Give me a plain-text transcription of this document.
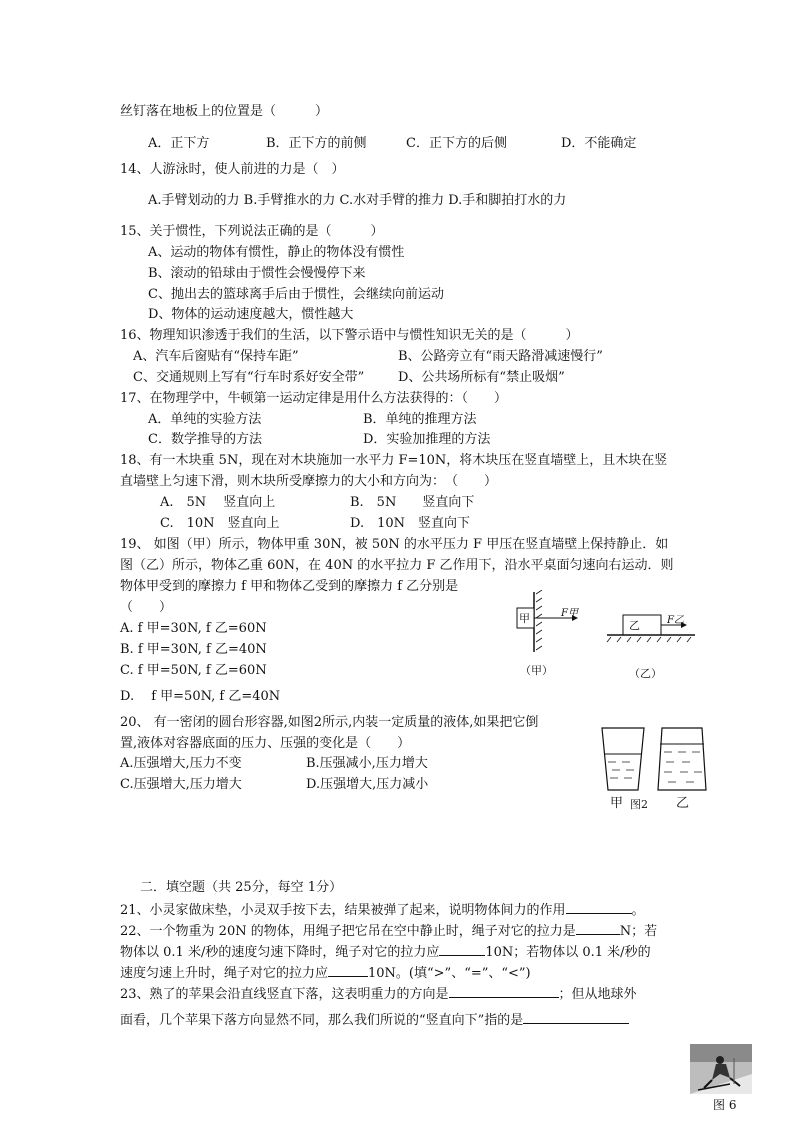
丝钉落在地板上的位置是（　　　）
A．正下方	B．正下方的前侧	C．正下方的后侧	D．不能确定
14、人游泳时，使人前进的力是（　）
A.手臂划动的力 B.手臂推水的力 C.水对手臂的推力 D.手和脚拍打水的力
15、关于惯性，下列说法正确的是（　　　）
A、运动的物体有惯性，静止的物体没有惯性
B、滚动的铅球由于惯性会慢慢停下来
C、抛出去的篮球离手后由于惯性，会继续向前运动
D、物体的运动速度越大，惯性越大
16、物理知识渗透于我们的生活，以下警示语中与惯性知识无关的是（　　　）
A、汽车后窗贴有“保持车距”	B、公路旁立有“雨天路滑减速慢行”
C、交通规则上写有“行车时系好安全带”	D、公共场所标有“禁止吸烟”
17、在物理学中，牛顿第一运动定律是用什么方法获得的：（　　）
A．单纯的实验方法	B．单纯的推理方法
C．数学推导的方法	D．实验加推理的方法
18、有一木块重 5N，现在对木块施加一水平力 F=10N，将木块压在竖直墙壁上，且木块在竖
直墙壁上匀速下滑，则木块所受摩擦力的大小和方向为：　（　　）
A.　5N　 竖直向上	B.　5N　　竖直向下
C.　10N　竖直向上	D.　10N　竖直向下
19、 如图（甲）所示，物体甲重 30N，被 50N 的水平压力 F 甲压在竖直墙壁上保持静止．如
图（乙）所示，物体乙重 60N，在 40N 的水平拉力 F 乙作用下，沿水平桌面匀速向右运动．则
物体甲受到的摩擦力 f 甲和物体乙受到的摩擦力 f 乙分别是
（　　）
A. f 甲=30N, f 乙=60N
B. f 甲=30N, f 乙=40N
C. f 甲=50N, f 乙=60N
D.　 f 甲=50N, f 乙=40N
甲	F甲
（甲）
乙	F乙
（乙）
20、 有一密闭的圆台形容器,如图2所示,内装一定质量的液体,如果把它倒
置,液体对容器底面的压力、压强的变化是（　　）
A.压强增大,压力不变	B.压强减小,压力增大
C.压强增大,压力增大	D.压强增大,压力减小
甲 图2 乙
二．填空题（共 25分，每空 1分）
21、小灵家做床垫，小灵双手按下去，结果被弹了起来，说明物体间力的作用	。
22、一个物重为 20N 的物体，用绳子把它吊在空中静止时，绳子对它的拉力是	N；若
物体以 0.1 米/秒的速度匀速下降时，绳子对它的拉力应	10N；若物体以 0.1 米/秒的
速度匀速上升时，绳子对它的拉力应	10N。(填“>”、“=”、“<”)
23、熟了的苹果会沿直线竖直下落，这表明重力的方向是	；但从地球外
面看，几个苹果下落方向显然不同，那么我们所说的“竖直向下”指的是
图 6
